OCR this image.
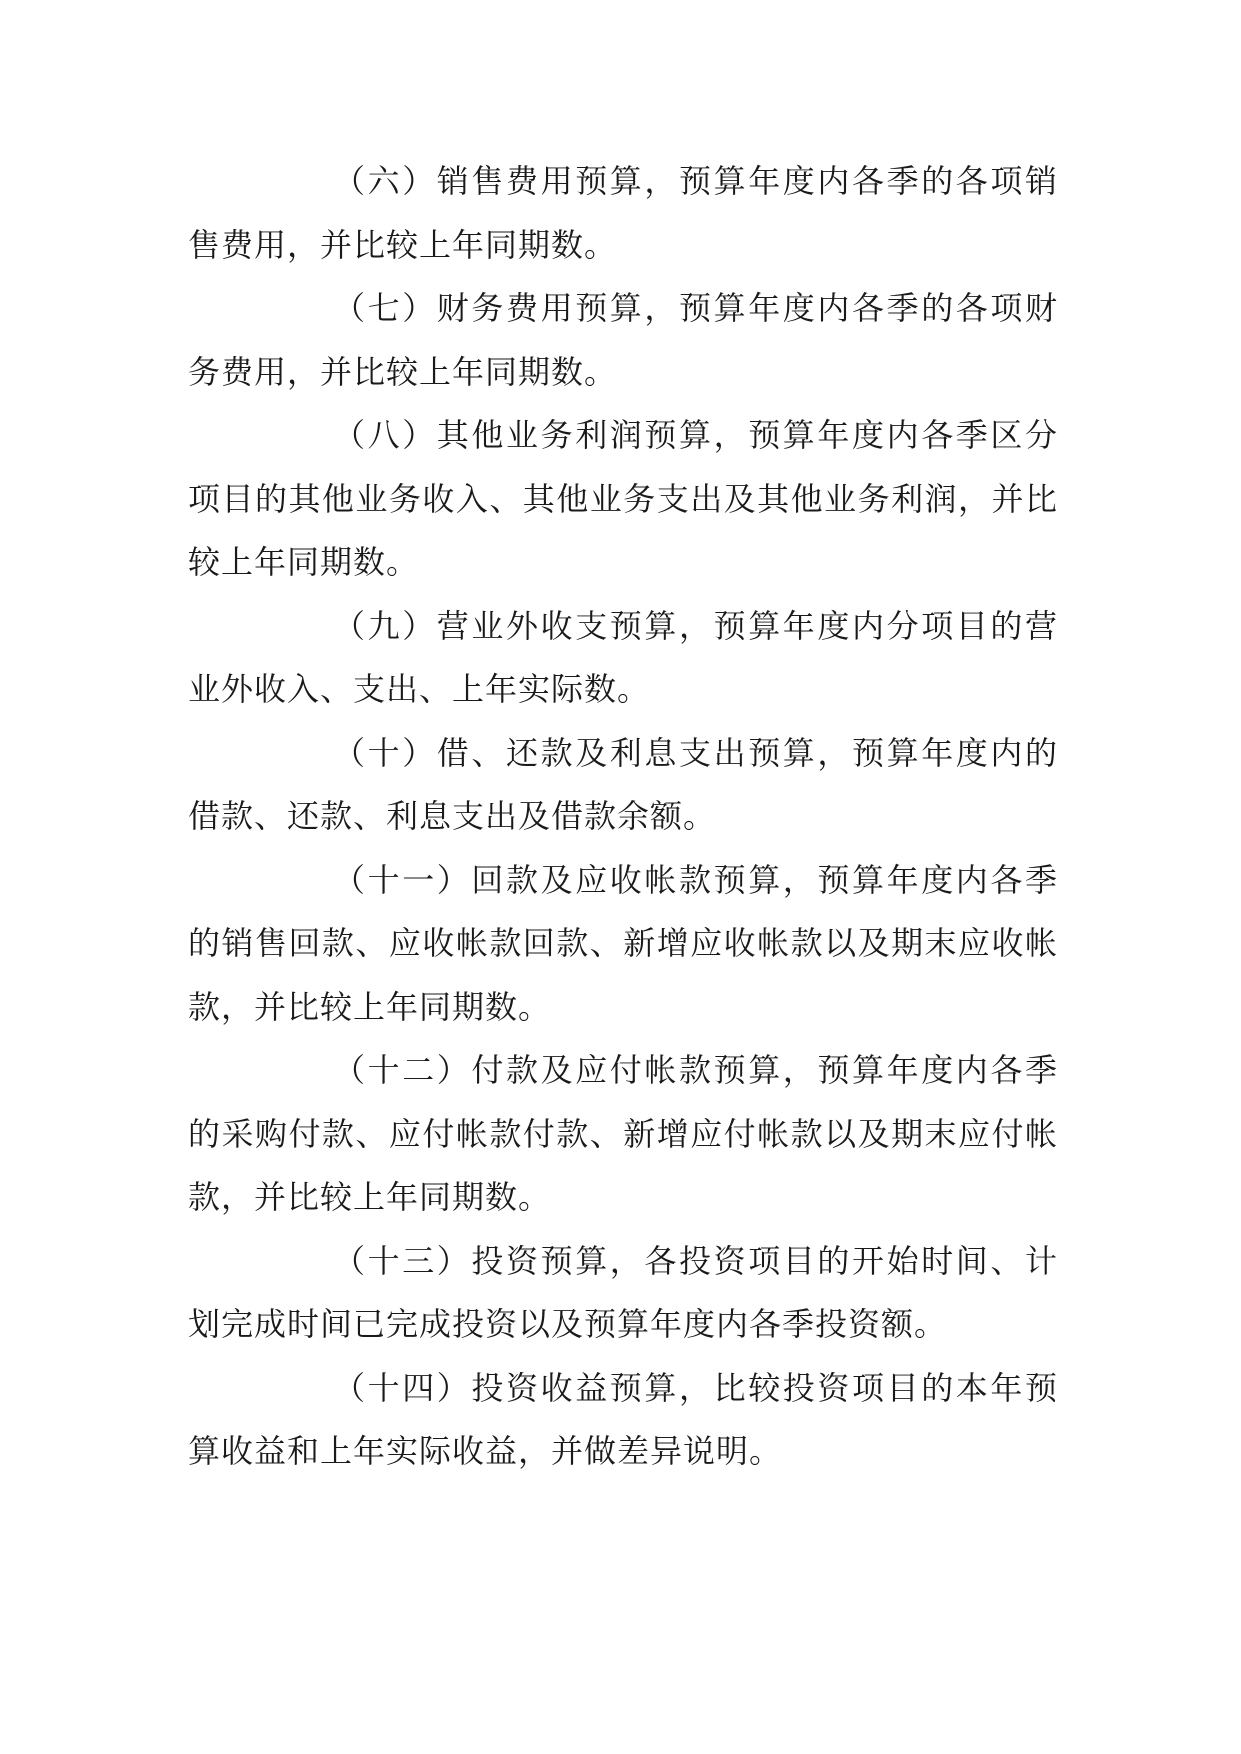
（六）销售费用预算，预算年度内各季的各项销售费用，并比较上年同期数。

（七）财务费用预算，预算年度内各季的各项财务费用，并比较上年同期数。

（八）其他业务利润预算，预算年度内各季区分项目的其他业务收入、其他业务支出及其他业务利润，并比较上年同期数。

（九）营业外收支预算，预算年度内分项目的营业外收入、支出、上年实际数。

（十）借、还款及利息支出预算，预算年度内的借款、还款、利息支出及借款余额。

（十一）回款及应收帐款预算，预算年度内各季的销售回款、应收帐款回款、新增应收帐款以及期末应收帐款，并比较上年同期数。

（十二）付款及应付帐款预算，预算年度内各季的采购付款、应付帐款付款、新增应付帐款以及期末应付帐款，并比较上年同期数。

（十三）投资预算，各投资项目的开始时间、计划完成时间已完成投资以及预算年度内各季投资额。

（十四）投资收益预算，比较投资项目的本年预算收益和上年实际收益，并做差异说明。
